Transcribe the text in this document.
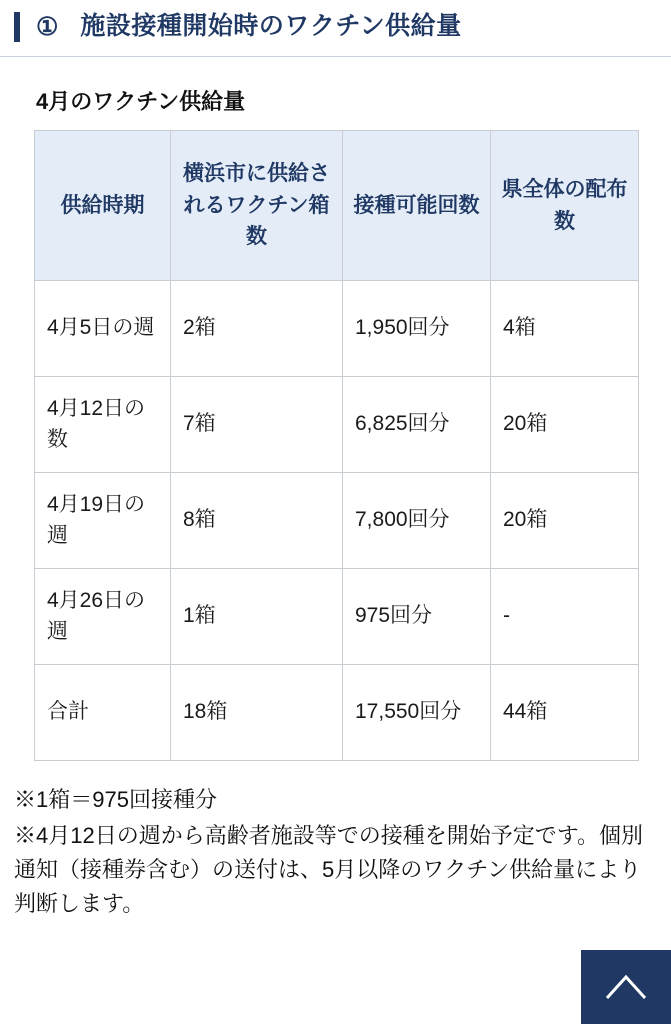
① 施設接種開始時のワクチン供給量
4月のワクチン供給量
供給時期	横浜市に供給されるワクチン箱数	接種可能回数	県全体の配布数
4月5日の週	2箱	1,950回分	4箱
4月12日の数	7箱	6,825回分	20箱
4月19日の週	8箱	7,800回分	20箱
4月26日の週	1箱	975回分	-
合計	18箱	17,550回分	44箱

※1箱＝975回接種分

※4月12日の週から高齢者施設等での接種を開始予定です。個別通知（接種券含む）の送付は、5月以降のワクチン供給量により判断します。
